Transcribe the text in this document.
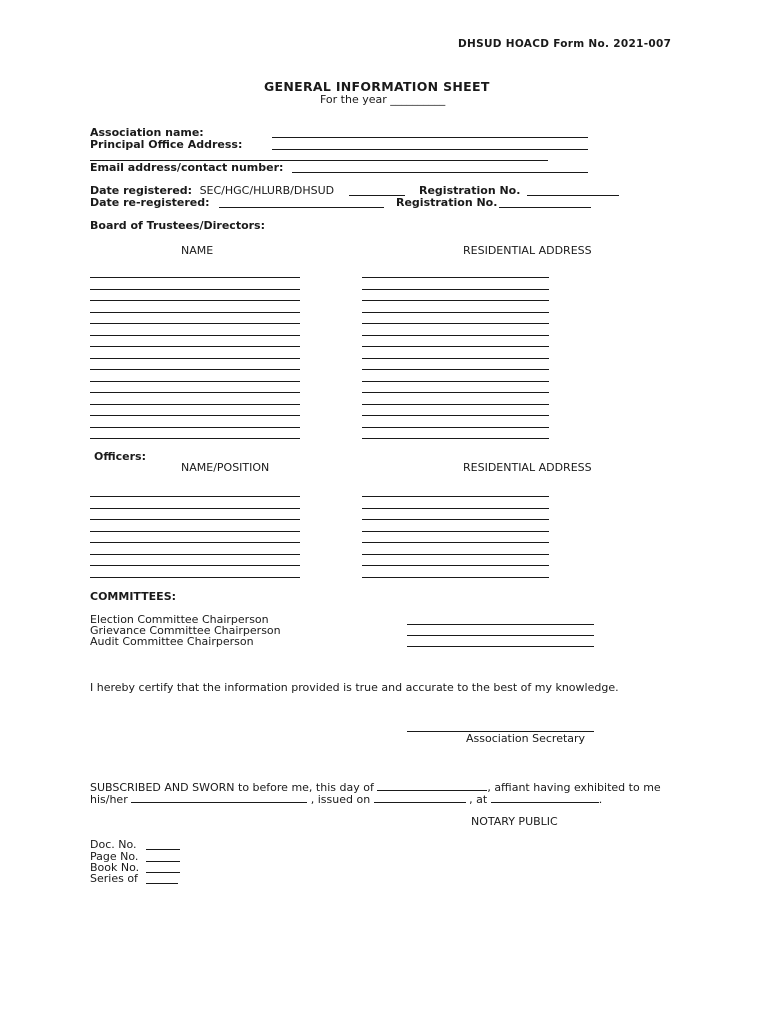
DHSUD HOACD Form No. 2021-007
GENERAL INFORMATION SHEET
For the year __________
Association name:
Principal Office Address:
Email address/contact number:
Date registered: SEC/HGC/HLURB/DHSUD	Registration No.
Date re-registered:	Registration No.
Board of Trustees/Directors:
NAME	RESIDENTIAL ADDRESS
Officers:
NAME/POSITION	RESIDENTIAL ADDRESS
COMMITTEES:
Election Committee Chairperson
Grievance Committee Chairperson
Audit Committee Chairperson
I hereby certify that the information provided is true and accurate to the best of my knowledge.
Association Secretary
SUBSCRIBED AND SWORN to before me, this day of	, affiant having exhibited to me
his/her	, issued on	, at	.
NOTARY PUBLIC
Doc. No.
Page No.
Book No.
Series of
